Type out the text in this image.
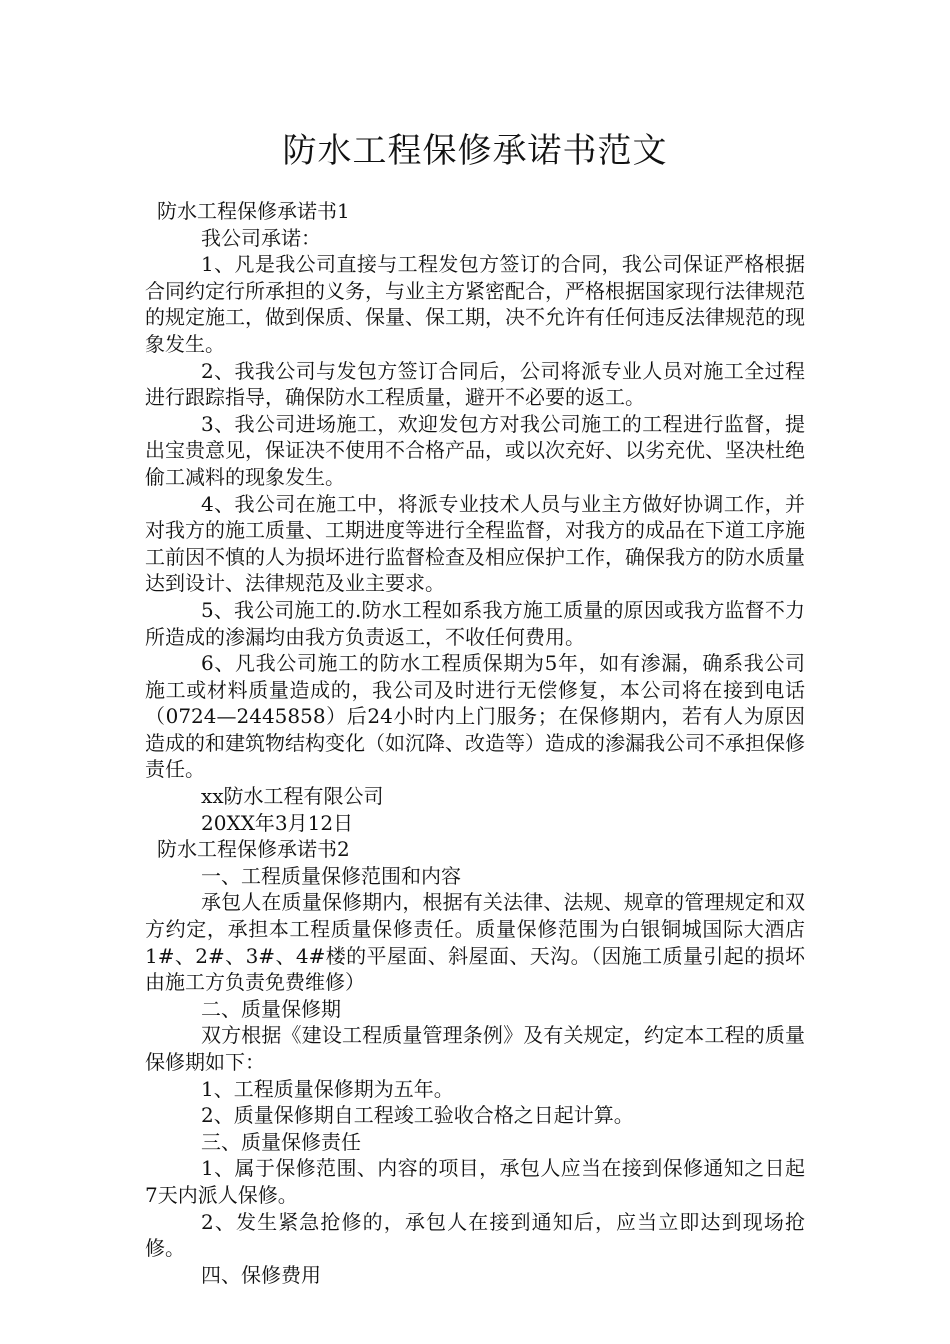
防水工程保修承诺书范文

防水工程保修承诺书1

我公司承诺：

1、凡是我公司直接与工程发包方签订的合同，我公司保证严格根据合同约定行所承担的义务，与业主方紧密配合，严格根据国家现行法律规范的规定施工，做到保质、保量、保工期，决不允许有任何违反法律规范的现象发生。

2、我我公司与发包方签订合同后，公司将派专业人员对施工全过程进行跟踪指导，确保防水工程质量，避开不必要的返工。

3、我公司进场施工，欢迎发包方对我公司施工的工程进行监督，提出宝贵意见，保证决不使用不合格产品，或以次充好、以劣充优、坚决杜绝偷工减料的现象发生。

4、我公司在施工中，将派专业技术人员与业主方做好协调工作，并对我方的施工质量、工期进度等进行全程监督，对我方的成品在下道工序施工前因不慎的人为损坏进行监督检查及相应保护工作，确保我方的防水质量达到设计、法律规范及业主要求。

5、我公司施工的.防水工程如系我方施工质量的原因或我方监督不力所造成的渗漏均由我方负责返工，不收任何费用。

6、凡我公司施工的防水工程质保期为5年，如有渗漏，确系我公司施工或材料质量造成的，我公司及时进行无偿修复，本公司将在接到电话（0724—2445858）后24小时内上门服务；在保修期内，若有人为原因造成的和建筑物结构变化（如沉降、改造等）造成的渗漏我公司不承担保修责任。

xx防水工程有限公司

20XX年3月12日

防水工程保修承诺书2

一、工程质量保修范围和内容

承包人在质量保修期内，根据有关法律、法规、规章的管理规定和双方约定，承担本工程质量保修责任。质量保修范围为白银铜城国际大酒店1#、2#、3#、4#楼的平屋面、斜屋面、天沟。（因施工质量引起的损坏由施工方负责免费维修）

二、质量保修期

双方根据《建设工程质量管理条例》及有关规定，约定本工程的质量保修期如下：

1、工程质量保修期为五年。

2、质量保修期自工程竣工验收合格之日起计算。

三、质量保修责任

1、属于保修范围、内容的项目，承包人应当在接到保修通知之日起7天内派人保修。

2、发生紧急抢修的，承包人在接到通知后，应当立即达到现场抢修。

四、保修费用
